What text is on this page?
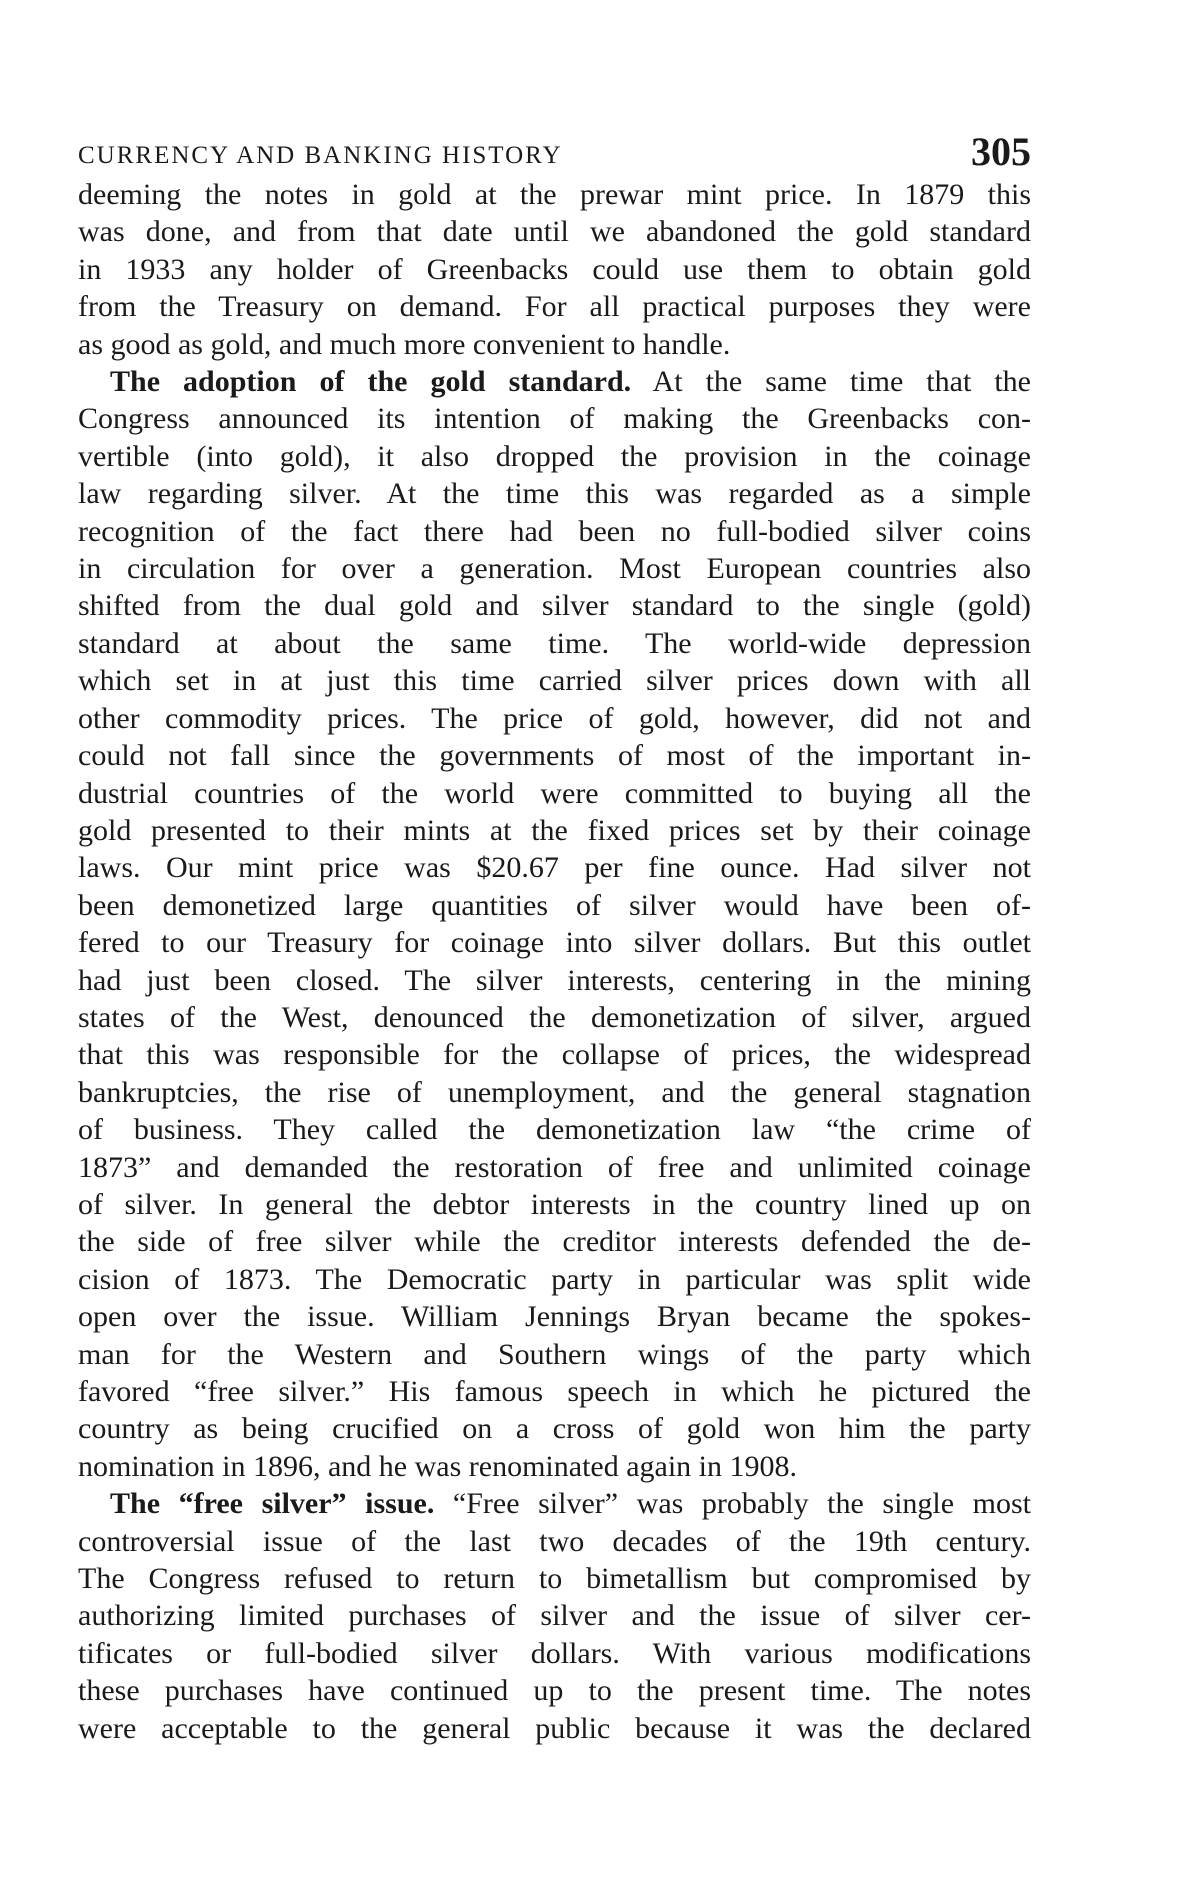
CURRENCY AND BANKING HISTORY	305
deeming the notes in gold at the prewar mint price. In 1879 this
was done, and from that date until we abandoned the gold standard
in 1933 any holder of Greenbacks could use them to obtain gold
from the Treasury on demand. For all practical purposes they were
as good as gold, and much more convenient to handle.
The adoption of the gold standard. At the same time that the
Congress announced its intention of making the Greenbacks con-
vertible (into gold), it also dropped the provision in the coinage
law regarding silver. At the time this was regarded as a simple
recognition of the fact there had been no full-bodied silver coins
in circulation for over a generation. Most European countries also
shifted from the dual gold and silver standard to the single (gold)
standard at about the same time. The world-wide depression
which set in at just this time carried silver prices down with all
other commodity prices. The price of gold, however, did not and
could not fall since the governments of most of the important in-
dustrial countries of the world were committed to buying all the
gold presented to their mints at the fixed prices set by their coinage
laws. Our mint price was $20.67 per fine ounce. Had silver not
been demonetized large quantities of silver would have been of-
fered to our Treasury for coinage into silver dollars. But this outlet
had just been closed. The silver interests, centering in the mining
states of the West, denounced the demonetization of silver, argued
that this was responsible for the collapse of prices, the widespread
bankruptcies, the rise of unemployment, and the general stagnation
of business. They called the demonetization law “the crime of
1873” and demanded the restoration of free and unlimited coinage
of silver. In general the debtor interests in the country lined up on
the side of free silver while the creditor interests defended the de-
cision of 1873. The Democratic party in particular was split wide
open over the issue. William Jennings Bryan became the spokes-
man for the Western and Southern wings of the party which
favored “free silver.” His famous speech in which he pictured the
country as being crucified on a cross of gold won him the party
nomination in 1896, and he was renominated again in 1908.
The “free silver” issue. “Free silver” was probably the single most
controversial issue of the last two decades of the 19th century.
The Congress refused to return to bimetallism but compromised by
authorizing limited purchases of silver and the issue of silver cer-
tificates or full-bodied silver dollars. With various modifications
these purchases have continued up to the present time. The notes
were acceptable to the general public because it was the declared
